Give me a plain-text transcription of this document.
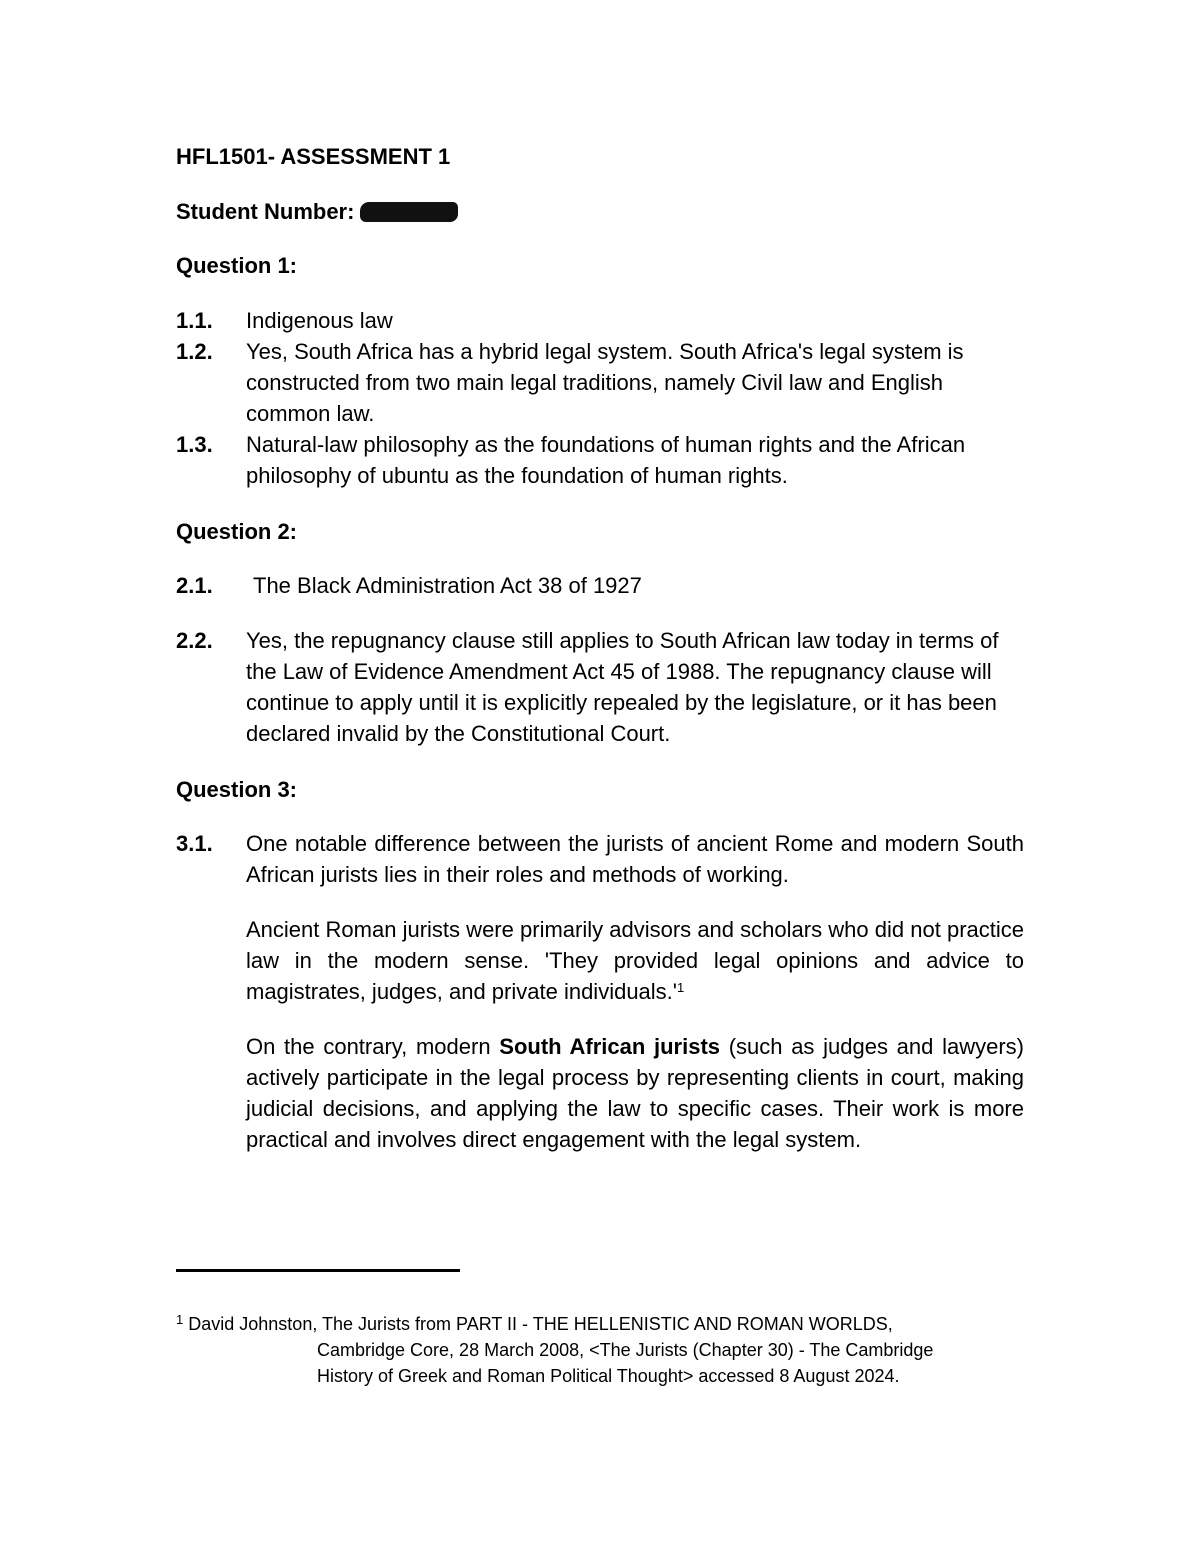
HFL1501- ASSESSMENT 1
Student Number:
Question 1:
1.1. Indigenous law
1.2. Yes, South Africa has a hybrid legal system. South Africa's legal system is constructed from two main legal traditions, namely Civil law and English common law.
1.3. Natural-law philosophy as the foundations of human rights and the African philosophy of ubuntu as the foundation of human rights.
Question 2:
2.1. The Black Administration Act 38 of 1927
2.2. Yes, the repugnancy clause still applies to South African law today in terms of the Law of Evidence Amendment Act 45 of 1988. The repugnancy clause will continue to apply until it is explicitly repealed by the legislature, or it has been declared invalid by the Constitutional Court.
Question 3:
3.1. One notable difference between the jurists of ancient Rome and modern South African jurists lies in their roles and methods of working.
Ancient Roman jurists were primarily advisors and scholars who did not practice law in the modern sense. 'They provided legal opinions and advice to magistrates, judges, and private individuals.'$^1$
On the contrary, modern South African jurists (such as judges and lawyers) actively participate in the legal process by representing clients in court, making judicial decisions, and applying the law to specific cases. Their work is more practical and involves direct engagement with the legal system.
$^1$ David Johnston, The Jurists from PART II - THE HELLENISTIC AND ROMAN WORLDS,
Cambridge Core, 28 March 2008, <The Jurists (Chapter 30) - The Cambridge
History of Greek and Roman Political Thought> accessed 8 August 2024.
